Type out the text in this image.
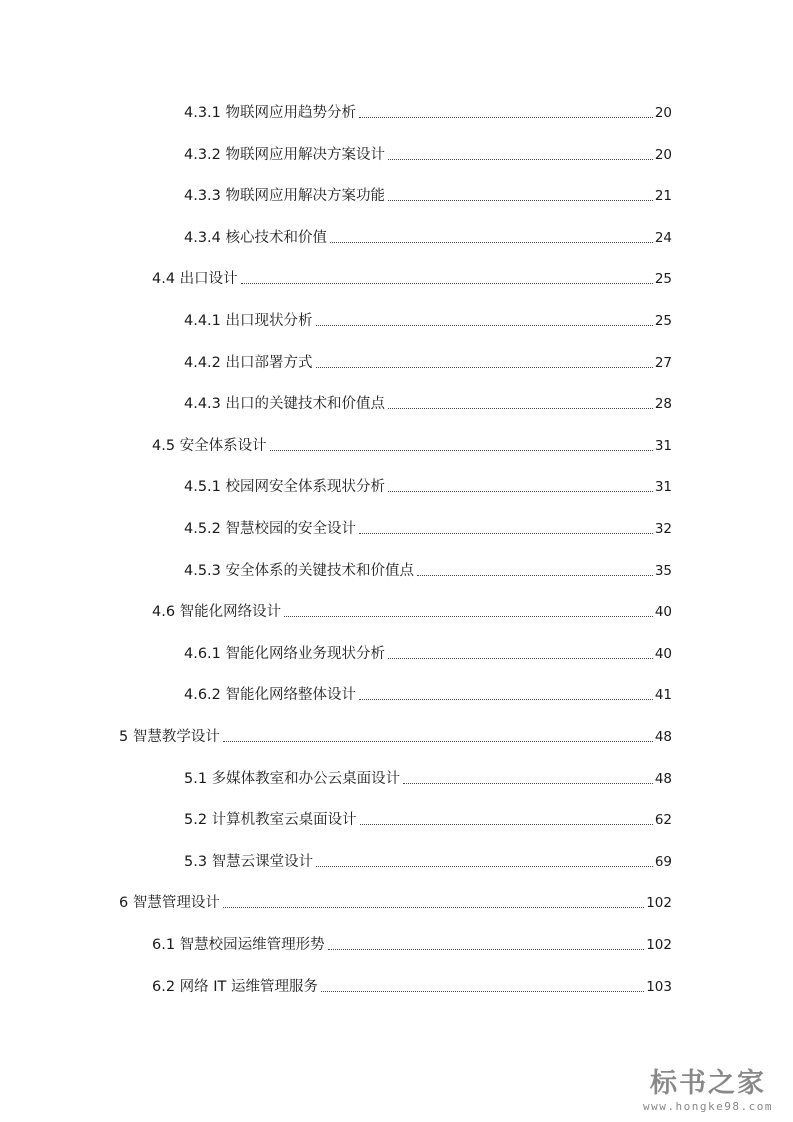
4.3.1 物联网应用趋势分析	20
4.3.2 物联网应用解决方案设计	20
4.3.3 物联网应用解决方案功能	21
4.3.4 核心技术和价值	24
4.4 出口设计	25
4.4.1 出口现状分析	25
4.4.2 出口部署方式	27
4.4.3 出口的关键技术和价值点	28
4.5 安全体系设计	31
4.5.1 校园网安全体系现状分析	31
4.5.2 智慧校园的安全设计	32
4.5.3 安全体系的关键技术和价值点	35
4.6 智能化网络设计	40
4.6.1 智能化网络业务现状分析	40
4.6.2 智能化网络整体设计	41
5 智慧教学设计	48
5.1 多媒体教室和办公云桌面设计	48
5.2 计算机教室云桌面设计	62
5.3 智慧云课堂设计	69
6 智慧管理设计	102
6.1 智慧校园运维管理形势	102
6.2 网络 IT 运维管理服务	103
标书之家
www.hongke98.com
